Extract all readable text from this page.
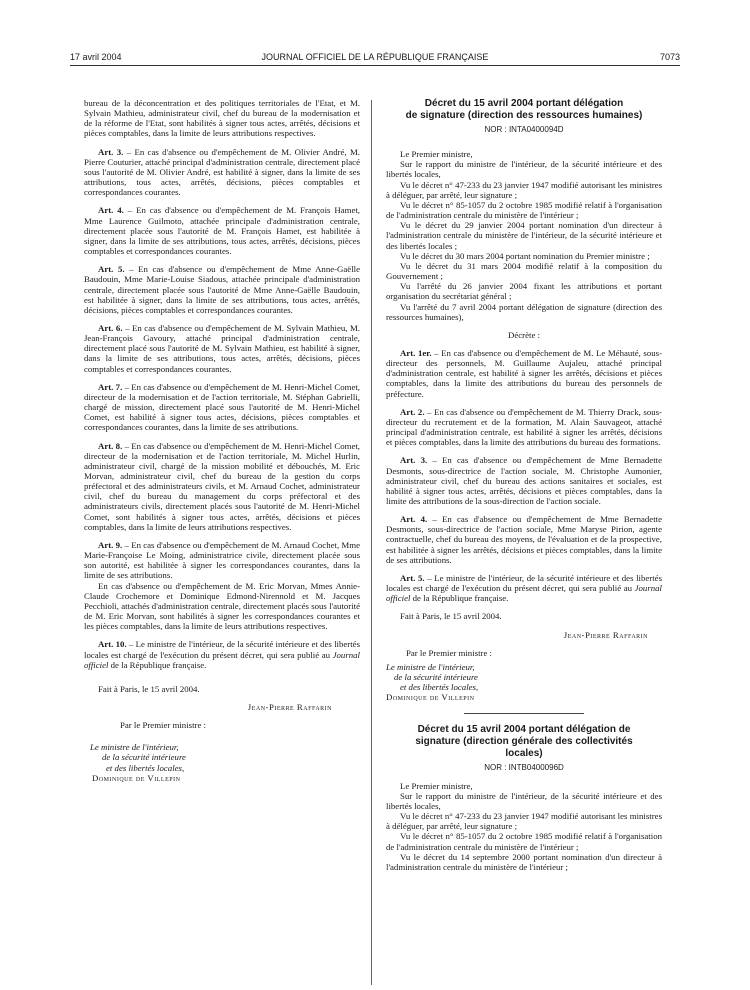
17 avril 2004	JOURNAL OFFICIEL DE LA RÉPUBLIQUE FRANÇAISE	7073

bureau de la déconcentration et des politiques territoriales de l'Etat, et M. Sylvain Mathieu, administrateur civil, chef du bureau de la modernisation et de la réforme de l'Etat, sont habilités à signer tous actes, arrêtés, décisions et pièces comptables, dans la limite de leurs attributions respectives.

Art. 3. – En cas d'absence ou d'empêchement de M. Olivier André, M. Pierre Couturier, attaché principal d'administration centrale, directement placé sous l'autorité de M. Olivier André, est habilité à signer, dans la limite de ses attributions, tous actes, arrêtés, décisions, pièces comptables et correspondances courantes.

Art. 4. – En cas d'absence ou d'empêchement de M. François Hamet, Mme Laurence Guilmoto, attachée principale d'administration centrale, directement placée sous l'autorité de M. François Hamet, est habilitée à signer, dans la limite de ses attributions, tous actes, arrêtés, décisions, pièces comptables et correspondances courantes.

Art. 5. – En cas d'absence ou d'empêchement de Mme Anne-Gaëlle Baudouin, Mme Marie-Louise Siadous, attachée principale d'administration centrale, directement placée sous l'autorité de Mme Anne-Gaëlle Baudouin, est habilitée à signer, dans la limite de ses attributions, tous actes, arrêtés, décisions, pièces comptables et correspondances courantes.

Art. 6. – En cas d'absence ou d'empêchement de M. Sylvain Mathieu, M. Jean-François Gavoury, attaché principal d'administration centrale, directement placé sous l'autorité de M. Sylvain Mathieu, est habilité à signer, dans la limite de ses attributions, tous actes, arrêtés, décisions, pièces comptables et correspondances courantes.

Art. 7. – En cas d'absence ou d'empêchement de M. Henri-Michel Comet, directeur de la modernisation et de l'action territoriale, M. Stéphan Gabrielli, chargé de mission, directement placé sous l'autorité de M. Henri-Michel Comet, est habilité à signer tous actes, décisions, pièces comptables et correspondances courantes, dans la limite de ses attributions.

Art. 8. – En cas d'absence ou d'empêchement de M. Henri-Michel Comet, directeur de la modernisation et de l'action territoriale, M. Michel Hurlin, administrateur civil, chargé de la mission mobilité et débouchés, M. Eric Morvan, administrateur civil, chef du bureau de la gestion du corps préfectoral et des administrateurs civils, et M. Arnaud Cochet, administrateur civil, chef du bureau du management du corps préfectoral et des administrateurs civils, directement placés sous l'autorité de M. Henri-Michel Comet, sont habilités à signer tous actes, arrêtés, décisions et pièces comptables, dans la limite de leurs attributions respectives.

Art. 9. – En cas d'absence ou d'empêchement de M. Arnaud Cochet, Mme Marie-Françoise Le Moing, administratrice civile, directement placée sous son autorité, est habilitée à signer les correspondances courantes, dans la limite de ses attributions.

En cas d'absence ou d'empêchement de M. Eric Morvan, Mmes Annie-Claude Crochemore et Dominique Edmond-Nirennold et M. Jacques Pecchioli, attachés d'administration centrale, directement placés sous l'autorité de M. Eric Morvan, sont habilités à signer les correspondances courantes et les pièces comptables, dans la limite de leurs attributions respectives.

Art. 10. – Le ministre de l'intérieur, de la sécurité intérieure et des libertés locales est chargé de l'exécution du présent décret, qui sera publié au Journal officiel de la République française.

Fait à Paris, le 15 avril 2004.

Jean-Pierre Raffarin
Par le Premier ministre :
Le ministre de l'intérieur,
de la sécurité intérieure
et des libertés locales,
Dominique de Villepin
Décret du 15 avril 2004 portant délégation
de signature (direction des ressources humaines)
NOR : INTA0400094D

Le Premier ministre,

Sur le rapport du ministre de l'intérieur, de la sécurité intérieure et des libertés locales,

Vu le décret n° 47-233 du 23 janvier 1947 modifié autorisant les ministres à déléguer, par arrêté, leur signature ;

Vu le décret n° 85-1057 du 2 octobre 1985 modifié relatif à l'organisation de l'administration centrale du ministère de l'intérieur ;

Vu le décret du 29 janvier 2004 portant nomination d'un directeur à l'administration centrale du ministère de l'intérieur, de la sécurité intérieure et des libertés locales ;

Vu le décret du 30 mars 2004 portant nomination du Premier ministre ;

Vu le décret du 31 mars 2004 modifié relatif à la composition du Gouvernement ;

Vu l'arrêté du 26 janvier 2004 fixant les attributions et portant organisation du secrétariat général ;

Vu l'arrêté du 7 avril 2004 portant délégation de signature (direction des ressources humaines),

Décrète :

Art. 1er. – En cas d'absence ou d'empêchement de M. Le Méhauté, sous-directeur des personnels, M. Guillaume Aujaleu, attaché principal d'administration centrale, est habilité à signer les arrêtés, décisions et pièces comptables, dans la limite des attributions du bureau des personnels de préfecture.

Art. 2. – En cas d'absence ou d'empêchement de M. Thierry Drack, sous-directeur du recrutement et de la formation, M. Alain Sauvageot, attaché principal d'administration centrale, est habilité à signer les arrêtés, décisions et pièces comptables, dans la limite des attributions du bureau des formations.

Art. 3. – En cas d'absence ou d'empêchement de Mme Bernadette Desmonts, sous-directrice de l'action sociale, M. Christophe Aumonier, administrateur civil, chef du bureau des actions sanitaires et sociales, est habilité à signer tous actes, arrêtés, décisions et pièces comptables, dans la limite des attributions de la sous-direction de l'action sociale.

Art. 4. – En cas d'absence ou d'empêchement de Mme Bernadette Desmonts, sous-directrice de l'action sociale, Mme Maryse Pirion, agente contractuelle, chef du bureau des moyens, de l'évaluation et de la prospective, est habilitée à signer les arrêtés, décisions et pièces comptables, dans la limite de ses attributions.

Art. 5. – Le ministre de l'intérieur, de la sécurité intérieure et des libertés locales est chargé de l'exécution du présent décret, qui sera publié au Journal officiel de la République française.

Fait à Paris, le 15 avril 2004.

Jean-Pierre Raffarin
Par le Premier ministre :
Le ministre de l'intérieur,
de la sécurité intérieure
et des libertés locales,
Dominique de Villepin
Décret du 15 avril 2004 portant délégation de
signature (direction générale des collectivités
locales)
NOR : INTB0400096D

Le Premier ministre,

Sur le rapport du ministre de l'intérieur, de la sécurité intérieure et des libertés locales,

Vu le décret n° 47-233 du 23 janvier 1947 modifié autorisant les ministres à déléguer, par arrêté, leur signature ;

Vu le décret n° 85-1057 du 2 octobre 1985 modifié relatif à l'organisation de l'administration centrale du ministère de l'intérieur ;

Vu le décret du 14 septembre 2000 portant nomination d'un directeur à l'administration centrale du ministère de l'intérieur ;
